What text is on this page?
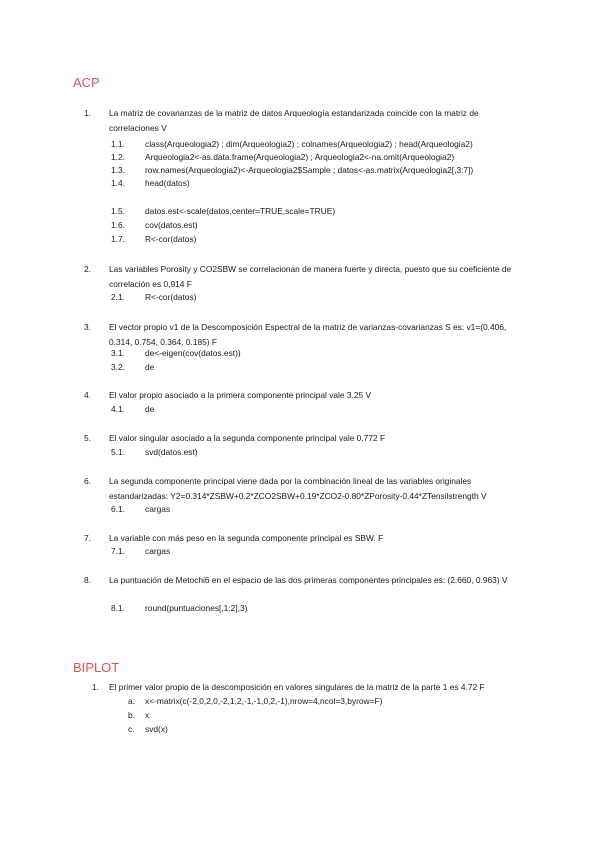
ACP
1. La matriz de covarianzas de la matriz de datos Arqueología estandarizada coincide con la matriz de correlaciones V
1.1. class(Arqueologia2) ; dim(Arqueologia2) ; colnames(Arqueologia2) ; head(Arqueologia2)
1.2. Arqueologia2<-as.data.frame(Arqueologia2) ; Arqueologia2<-na.omit(Arqueologia2)
1.3. row.names(Arqueologia2)<-Arqueologia2$Sample ; datos<-as.matrix(Arqueologia2[,3:7])
1.4. head(datos)
1.5. datos.est<-scale(datos,center=TRUE,scale=TRUE)
1.6. cov(datos.est)
1.7. R<-cor(datos)
2. Las variables Porosity y CO2SBW se correlacionan de manera fuerte y directa, puesto que su coeficiente de correlación es 0,914 F
2.1. R<-cor(datos)
3. El vector propio v1 de la Descomposición Espectral de la matriz de varianzas-covarianzas S es: v1=(0.406, 0.314, 0.754, 0.364, 0.185) F
3.1. de<-eigen(cov(datos.est))
3.2. de
4. El valor propio asociado a la primera componente principal vale 3.25 V
4.1. de
5. El valor singular asociado a la segunda componente principal vale 0,772 F
5.1. svd(datos.est)
6. La segunda componente principal viene dada por la combinación lineal de las variables originales estandarizadas: Y2=0.314*ZSBW+0.2*ZCO2SBW+0.19*ZCO2-0.80*ZPorosity-0.44*ZTensilstrength V
6.1. cargas
7. La variable con más peso en la segunda componente principal es SBW. F
7.1. cargas
8. La puntuación de Metochi6 en el espacio de las dos primeras componentes principales es: (2.660, 0.963) V
8.1. round(puntuaciones[,1:2],3)
BIPLOT
1. El primer valor propio de la descomposición en valores singulares de la matriz de la parte 1 es 4.72 F
a. x<-matrix(c(-2,0,2,0,-2,1,2,-1,-1,0,2,-1),nrow=4,ncol=3,byrow=F)
b. x
c. svd(x)
